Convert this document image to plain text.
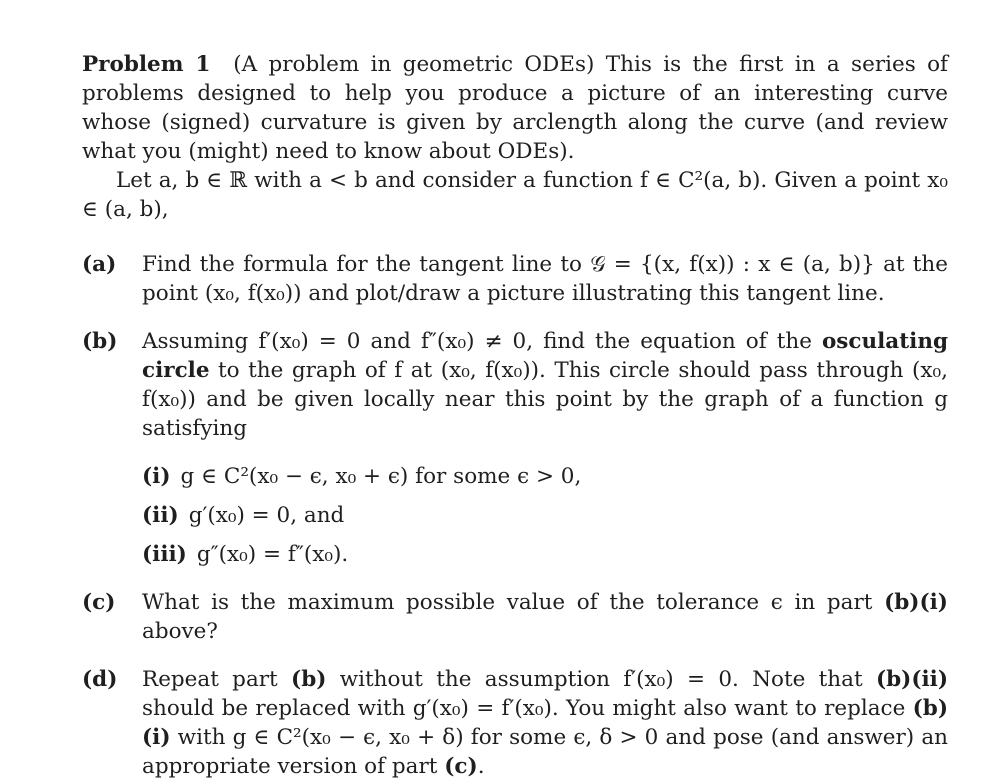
Problem 1 (A problem in geometric ODEs) This is the first in a series of problems designed to help you produce a picture of an interesting curve whose (signed) curvature is given by arclength along the curve (and review what you (might) need to know about ODEs).

Let a, b ∈ ℝ with a < b and consider a function f ∈ C²(a, b). Given a point x₀ ∈ (a, b),

(a) Find the formula for the tangent line to 𝒢 = {(x, f(x)) : x ∈ (a, b)} at the point (x₀, f(x₀)) and plot/draw a picture illustrating this tangent line.
(b) Assuming f′(x₀) = 0 and f″(x₀) ≠ 0, find the equation of the osculating circle to the graph of f at (x₀, f(x₀)). This circle should pass through (x₀, f(x₀)) and be given locally near this point by the graph of a function g satisfying
(i) g ∈ C²(x₀ − ϵ, x₀ + ϵ) for some ϵ > 0,
(ii) g′(x₀) = 0, and
(iii) g″(x₀) = f″(x₀).
(c) What is the maximum possible value of the tolerance ϵ in part (b)(i) above?
(d) Repeat part (b) without the assumption f′(x₀) = 0. Note that (b)(ii) should be replaced with g′(x₀) = f′(x₀). You might also want to replace (b)(i) with g ∈ C²(x₀ − ϵ, x₀ + δ) for some ϵ, δ > 0 and pose (and answer) an appropriate version of part (c).
